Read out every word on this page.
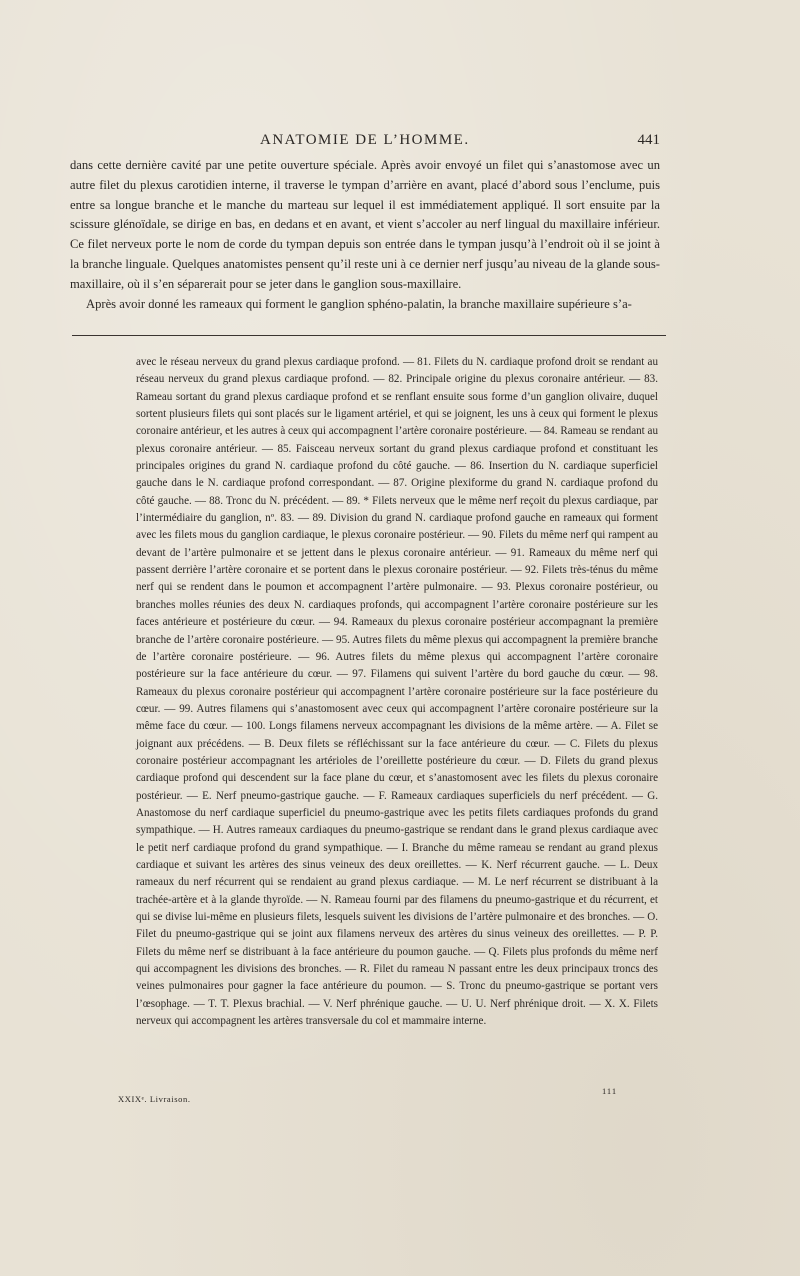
ANATOMIE DE L’HOMME.	441

dans cette dernière cavité par une petite ouverture spéciale. Après avoir envoyé un filet qui s’anastomose avec un autre filet du plexus carotidien interne, il traverse le tympan d’arrière en avant, placé d’abord sous l’enclume, puis entre sa longue branche et le manche du marteau sur lequel il est immédiatement appliqué. Il sort ensuite par la scissure glénoïdale, se dirige en bas, en dedans et en avant, et vient s’accoler au nerf lingual du maxillaire inférieur. Ce filet nerveux porte le nom de corde du tympan depuis son entrée dans le tympan jusqu’à l’endroit où il se joint à la branche linguale. Quelques anatomistes pensent qu’il reste uni à ce dernier nerf jusqu’au niveau de la glande sous-maxillaire, où il s’en séparerait pour se jeter dans le ganglion sous-maxillaire.

Après avoir donné les rameaux qui forment le ganglion sphéno-palatin, la branche maxillaire supérieure s’a-

avec le réseau nerveux du grand plexus cardiaque profond. — 81. Filets du N. cardiaque profond droit se rendant au réseau nerveux du grand plexus cardiaque profond. — 82. Principale origine du plexus coronaire antérieur. — 83. Rameau sortant du grand plexus cardiaque profond et se renflant ensuite sous forme d’un ganglion olivaire, duquel sortent plusieurs filets qui sont placés sur le ligament artériel, et qui se joignent, les uns à ceux qui forment le plexus coronaire antérieur, et les autres à ceux qui accompagnent l’artère coronaire postérieure. — 84. Rameau se rendant au plexus coronaire antérieur. — 85. Faisceau nerveux sortant du grand plexus cardiaque profond et constituant les principales origines du grand N. cardiaque profond du côté gauche. — 86. Insertion du N. cardiaque superficiel gauche dans le N. cardiaque profond correspondant. — 87. Origine plexiforme du grand N. cardiaque profond du côté gauche. — 88. Tronc du N. précédent. — 89. * Filets nerveux que le même nerf reçoit du plexus cardiaque, par l’intermédiaire du ganglion, nº. 83. — 89. Division du grand N. cardiaque profond gauche en rameaux qui forment avec les filets mous du ganglion cardiaque, le plexus coronaire postérieur. — 90. Filets du même nerf qui rampent au devant de l’artère pulmonaire et se jettent dans le plexus coronaire antérieur. — 91. Rameaux du même nerf qui passent derrière l’artère coronaire et se portent dans le plexus coronaire postérieur. — 92. Filets très-ténus du même nerf qui se rendent dans le poumon et accompagnent l’artère pulmonaire. — 93. Plexus coronaire postérieur, ou branches molles réunies des deux N. cardiaques profonds, qui accompagnent l’artère coronaire postérieure sur les faces antérieure et postérieure du cœur. — 94. Rameaux du plexus coronaire postérieur accompagnant la première branche de l’artère coronaire postérieure. — 95. Autres filets du même plexus qui accompagnent la première branche de l’artère coronaire postérieure. — 96. Autres filets du même plexus qui accompagnent l’artère coronaire postérieure sur la face antérieure du cœur. — 97. Filamens qui suivent l’artère du bord gauche du cœur. — 98. Rameaux du plexus coronaire postérieur qui accompagnent l’artère coronaire postérieure sur la face postérieure du cœur. — 99. Autres filamens qui s’anastomosent avec ceux qui accompagnent l’artère coronaire postérieure sur la même face du cœur. — 100. Longs filamens nerveux accompagnant les divisions de la même artère. — A. Filet se joignant aux précédens. — B. Deux filets se réfléchissant sur la face antérieure du cœur. — C. Filets du plexus coronaire postérieur accompagnant les artérioles de l’oreillette postérieure du cœur. — D. Filets du grand plexus cardiaque profond qui descendent sur la face plane du cœur, et s’anastomosent avec les filets du plexus coronaire postérieur. — E. Nerf pneumo-gastrique gauche. — F. Rameaux cardiaques superficiels du nerf précédent. — G. Anastomose du nerf cardiaque superficiel du pneumo-gastrique avec les petits filets cardiaques profonds du grand sympathique. — H. Autres rameaux cardiaques du pneumo-gastrique se rendant dans le grand plexus cardiaque avec le petit nerf cardiaque profond du grand sympathique. — I. Branche du même rameau se rendant au grand plexus cardiaque et suivant les artères des sinus veineux des deux oreillettes. — K. Nerf récurrent gauche. — L. Deux rameaux du nerf récurrent qui se rendaient au grand plexus cardiaque. — M. Le nerf récurrent se distribuant à la trachée-artère et à la glande thyroïde. — N. Rameau fourni par des filamens du pneumo-gastrique et du récurrent, et qui se divise lui-même en plusieurs filets, lesquels suivent les divisions de l’artère pulmonaire et des bronches. — O. Filet du pneumo-gastrique qui se joint aux filamens nerveux des artères du sinus veineux des oreillettes. — P. P. Filets du même nerf se distribuant à la face antérieure du poumon gauche. — Q. Filets plus profonds du même nerf qui accompagnent les divisions des bronches. — R. Filet du rameau N passant entre les deux principaux troncs des veines pulmonaires pour gagner la face antérieure du poumon. — S. Tronc du pneumo-gastrique se portant vers l’œsophage. — T. T. Plexus brachial. — V. Nerf phrénique gauche. — U. U. Nerf phrénique droit. — X. X. Filets nerveux qui accompagnent les artères transversale du col et mammaire interne.

XXIXᵉ. Livraison.
111
